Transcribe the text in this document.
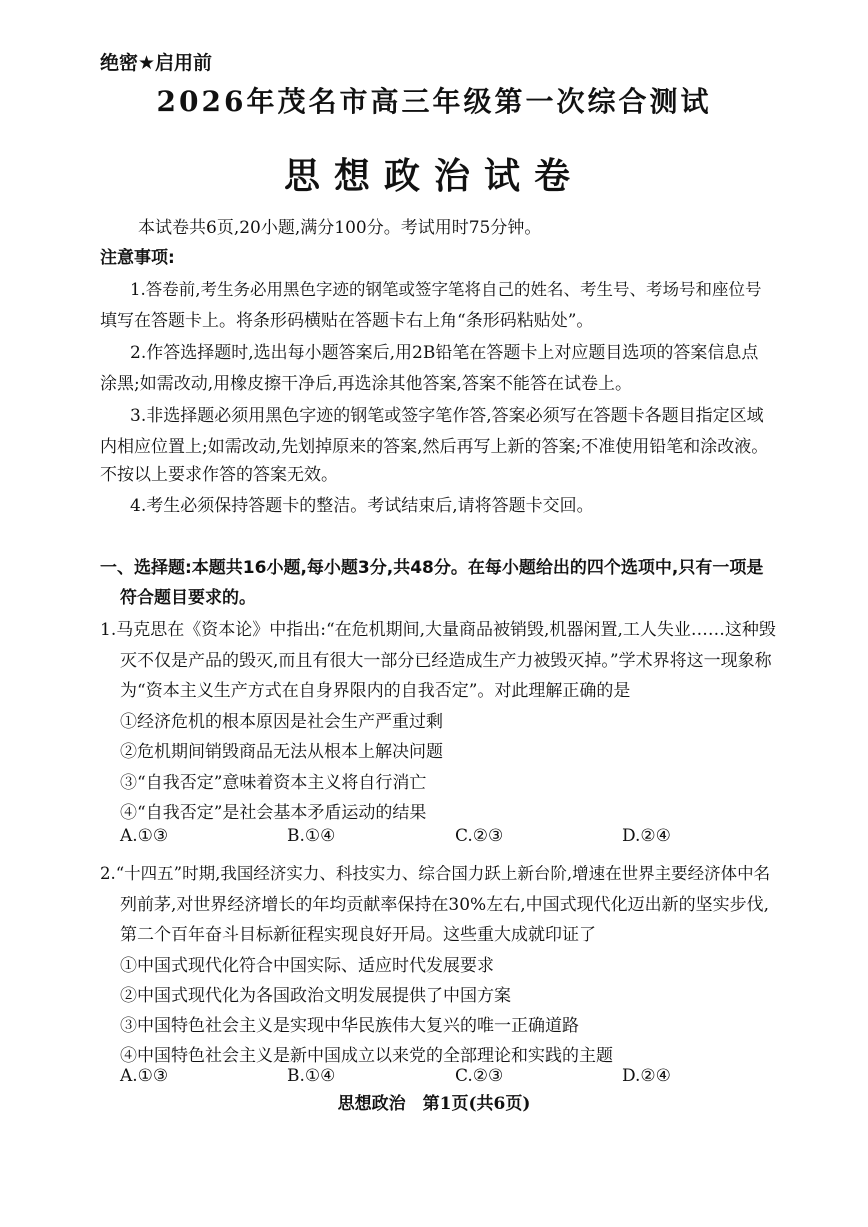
绝密★启用前
2026年茂名市高三年级第一次综合测试
思想政治试卷
本试卷共6页,20小题,满分100分。考试用时75分钟。
注意事项:
1.答卷前,考生务必用黑色字迹的钢笔或签字笔将自己的姓名、考生号、考场号和座位号
填写在答题卡上。将条形码横贴在答题卡右上角“条形码粘贴处”。
2.作答选择题时,选出每小题答案后,用2B铅笔在答题卡上对应题目选项的答案信息点
涂黑;如需改动,用橡皮擦干净后,再选涂其他答案,答案不能答在试卷上。
3.非选择题必须用黑色字迹的钢笔或签字笔作答,答案必须写在答题卡各题目指定区域
内相应位置上;如需改动,先划掉原来的答案,然后再写上新的答案;不准使用铅笔和涂改液。
不按以上要求作答的答案无效。
4.考生必须保持答题卡的整洁。考试结束后,请将答题卡交回。
一、选择题:本题共16小题,每小题3分,共48分。在每小题给出的四个选项中,只有一项是
符合题目要求的。
1.马克思在《资本论》中指出:“在危机期间,大量商品被销毁,机器闲置,工人失业……这种毁
灭不仅是产品的毁灭,而且有很大一部分已经造成生产力被毁灭掉。”学术界将这一现象称
为“资本主义生产方式在自身界限内的自我否定”。对此理解正确的是
①经济危机的根本原因是社会生产严重过剩
②危机期间销毁商品无法从根本上解决问题
③“自我否定”意味着资本主义将自行消亡
④“自我否定”是社会基本矛盾运动的结果
A.①③	B.①④	C.②③	D.②④
2.“十四五”时期,我国经济实力、科技实力、综合国力跃上新台阶,增速在世界主要经济体中名
列前茅,对世界经济增长的年均贡献率保持在30%左右,中国式现代化迈出新的坚实步伐,
第二个百年奋斗目标新征程实现良好开局。这些重大成就印证了
①中国式现代化符合中国实际、适应时代发展要求
②中国式现代化为各国政治文明发展提供了中国方案
③中国特色社会主义是实现中华民族伟大复兴的唯一正确道路
④中国特色社会主义是新中国成立以来党的全部理论和实践的主题
A.①③	B.①④	C.②③	D.②④
思想政治　第1页(共6页)
